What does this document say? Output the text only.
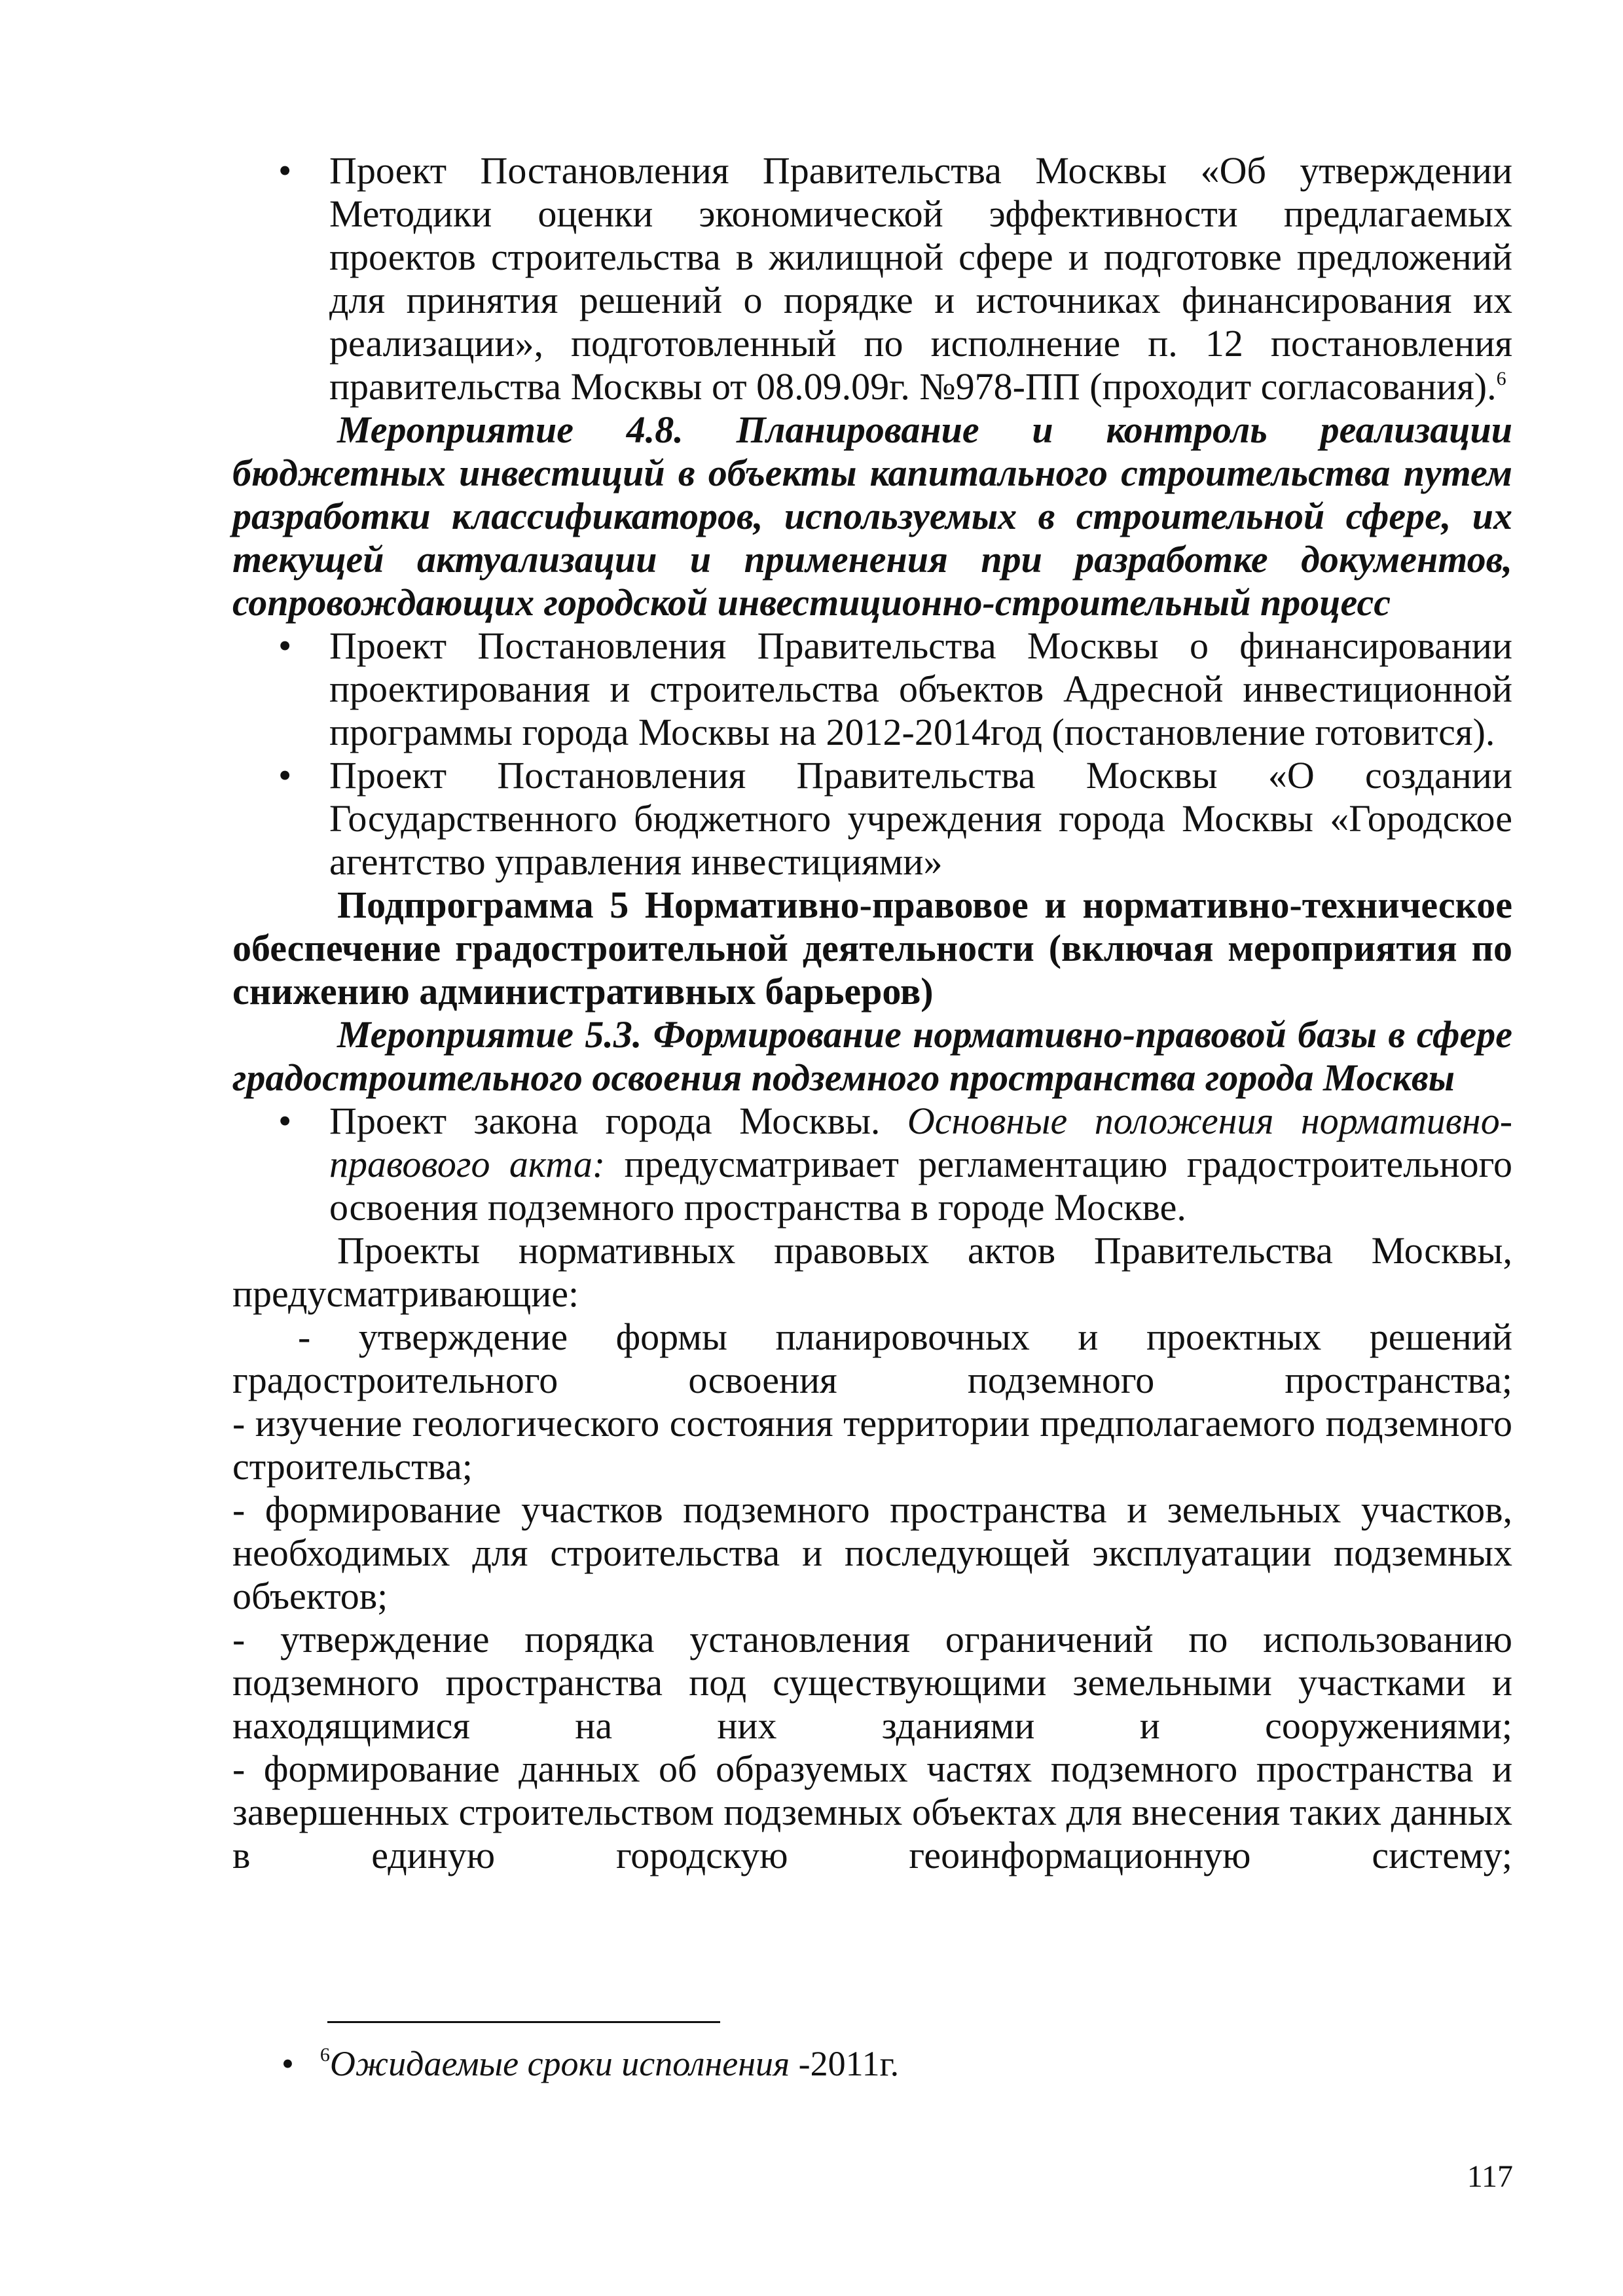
• Проект Постановления Правительства Москвы «Об утверждении Методики оценки экономической эффективности предлагаемых проектов строительства в жилищной сфере и подготовке предложений для принятия решений о порядке и источниках финансирования их реализации», подготовленный по исполнение п. 12 постановления правительства Москвы от 08.09.09г. №978-ПП (проходит согласования).$^6$
Мероприятие 4.8. Планирование и контроль реализации бюджетных инвестиций в объекты капитального строительства путем разработки классификаторов, используемых в строительной сфере, их текущей актуализации и применения при разработке документов, сопровождающих городской инвестиционно-строительный процесс
• Проект Постановления Правительства Москвы о финансировании проектирования и строительства объектов Адресной инвестиционной программы города Москвы на 2012-2014год (постановление готовится).
• Проект Постановления Правительства Москвы «О создании Государственного бюджетного учреждения города Москвы «Городское агентство управления инвестициями»
Подпрограмма 5 Нормативно-правовое и нормативно-техническое обеспечение градостроительной деятельности (включая мероприятия по снижению административных барьеров)
Мероприятие 5.3. Формирование нормативно-правовой базы в сфере градостроительного освоения подземного пространства города Москвы
• Проект закона города Москвы. Основные положения нормативно-правового акта: предусматривает регламентацию градостроительного освоения подземного пространства в городе Москве.
Проекты нормативных правовых актов Правительства Москвы, предусматривающие:
- утверждение формы планировочных и проектных решений градостроительного освоения подземного пространства;
- изучение геологического состояния территории предполагаемого подземного строительства;
- формирование участков подземного пространства и земельных участков, необходимых для строительства и последующей эксплуатации подземных объектов;
- утверждение порядка установления ограничений по использованию подземного пространства под существующими земельными участками и находящимися на них зданиями и сооружениями;
- формирование данных об образуемых частях подземного пространства и завершенных строительством подземных объектах для внесения таких данных в единую городскую геоинформационную систему;
• $^6$Ожидаемые сроки исполнения -2011г.
117
